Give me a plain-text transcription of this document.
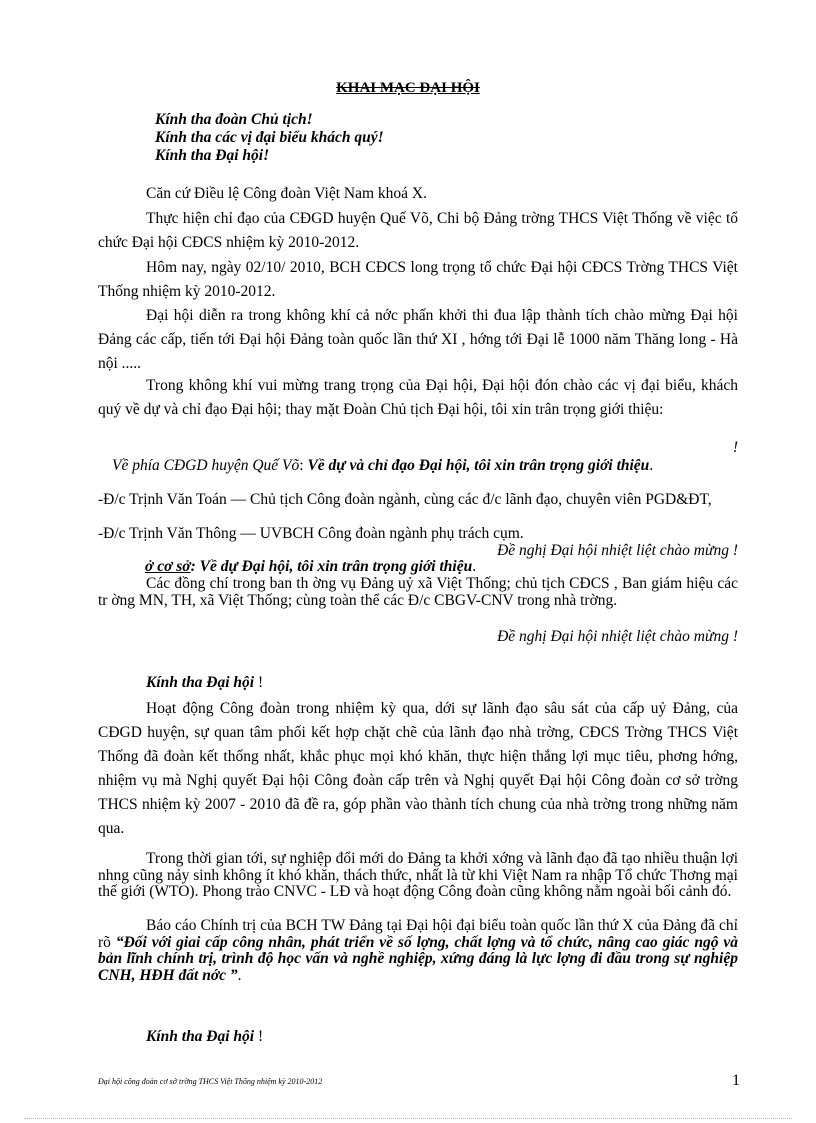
KHAI MẠC ĐẠI HỘI
Kính tha đoàn Chủ tịch!
Kính tha các vị đại biểu khách quý!
Kính tha Đại hội!
Căn cứ Điều lệ Công đoàn Việt Nam khoá X.
Thực hiện chỉ đạo của CĐGD huyện Quế Võ, Chi bộ Đảng trờng THCS Việt Thống về việc tổ chức Đại hội CĐCS nhiệm kỳ 2010-2012.
Hôm nay, ngày 02/10/ 2010, BCH CĐCS long trọng tổ chức Đại hội CĐCS Trờng THCS Việt Thống nhiệm kỳ 2010-2012.
Đại hội diễn ra trong không khí cả nớc phấn khởi thi đua lập thành tích chào mừng Đại hội Đảng các cấp, tiến tới Đại hội Đảng toàn quốc lần thứ XI , hớng tới Đại lễ 1000 năm Thăng long - Hà nội .....
Trong không khí vui mừng trang trọng của Đại hội, Đại hội đón chào các vị đại biểu, khách quý về dự và chỉ đạo Đại hội; thay mặt Đoàn Chủ tịch Đại hội, tôi xin trân trọng giới thiệu:
!
Về phía CĐGD huyện Quế Võ: Về dự và chỉ đạo Đại hội, tôi xin trân trọng giới thiệu.
-Đ/c Trịnh Văn Toán — Chủ tịch Công đoàn ngành, cùng các đ/c lãnh đạo, chuyên viên PGD&ĐT,
-Đ/c Trịnh Văn Thông — UVBCH Công đoàn ngành phụ trách cụm.
Đề nghị Đại hội nhiệt liệt chào mừng !
ở cơ sở: Về dự Đại hội, tôi xin trân trọng giới thiệu.
Các đồng chí trong ban th ờng vụ Đảng uỷ xã Việt Thống; chủ tịch CĐCS , Ban giám hiệu các tr ờng MN, TH, xã Việt Thống; cùng toàn thể các Đ/c CBGV-CNV trong nhà trờng.
Đề nghị Đại hội nhiệt liệt chào mừng !
Kính tha Đại hội !
Hoạt động Công đoàn trong nhiệm kỳ qua, dới sự lãnh đạo sâu sát của cấp uỷ Đảng, của CĐGD huyện, sự quan tâm phối kết hợp chặt chẽ của lãnh đạo nhà trờng, CĐCS Trờng THCS Việt Thống đã đoàn kết thống nhất, khắc phục mọi khó khăn, thực hiện thắng lợi mục tiêu, phơng hớng, nhiệm vụ mà Nghị quyết Đại hội Công đoàn cấp trên và Nghị quyết Đại hội Công đoàn cơ sở trờng THCS nhiệm kỳ 2007 - 2010 đã đề ra, góp phần vào thành tích chung của nhà trờng trong những năm qua.
Trong thời gian tới, sự nghiệp đổi mới do Đảng ta khởi xớng và lãnh đạo đã tạo nhiều thuận lợi nhng cũng nảy sinh không ít khó khăn, thách thức, nhất là từ khi Việt Nam ra nhập Tổ chức Thơng mại thế giới (WTO). Phong trào CNVC - LĐ và hoạt động Công đoàn cũng không nằm ngoài bối cảnh đó.
Báo cáo Chính trị của BCH TW Đảng tại Đại hội đại biểu toàn quốc lần thứ X của Đảng đã chỉ rõ “Đối với giai cấp công nhân, phát triển về số lợng, chất lợng và tổ chức, nâng cao giác ngộ và bản lĩnh chính trị, trình độ học vấn và nghề nghiệp, xứng đáng là lực lợng đi đầu trong sự nghiệp CNH, HĐH đất nớc ”.
Kính tha Đại hội !
Đại hội công đoàn cơ sở trờng THCS Việt Thống nhiệm kỳ 2010-2012	1
